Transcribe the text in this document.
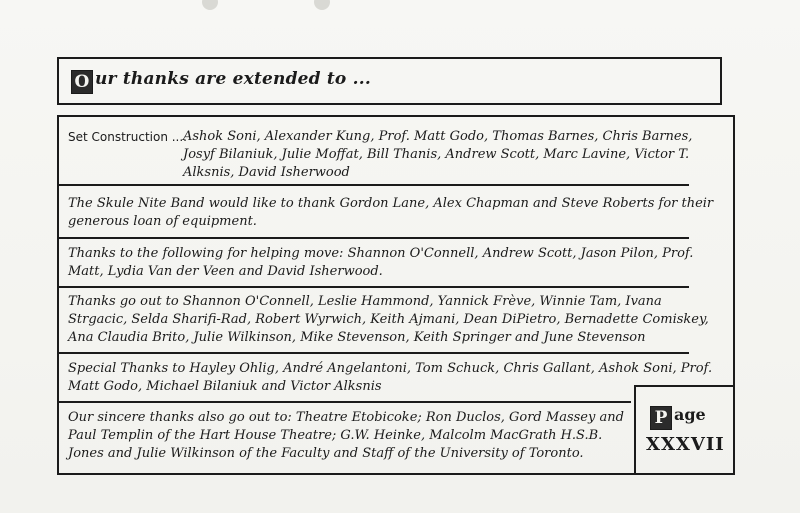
O ur thanks are extended to ...
Set Construction ....
Ashok Soni, Alexander Kung, Prof. Matt Godo, Thomas Barnes, Chris Barnes, Josyf Bilaniuk, Julie Moffat, Bill Thanis, Andrew Scott, Marc Lavine, Victor T. Alksnis, David Isherwood
The Skule Nite Band would like to thank Gordon Lane, Alex Chapman and Steve Roberts for their generous loan of equipment.
Thanks to the following for helping move: Shannon O'Connell, Andrew Scott, Jason Pilon, Prof. Matt, Lydia Van der Veen and David Isherwood.
Thanks go out to Shannon O'Connell, Leslie Hammond, Yannick Frève, Winnie Tam, Ivana Strgacic, Selda Sharifi-Rad, Robert Wyrwich, Keith Ajmani, Dean DiPietro, Bernadette Comiskey, Ana Claudia Brito, Julie Wilkinson, Mike Stevenson, Keith Springer and June Stevenson
Special Thanks to Hayley Ohlig, André Angelantoni, Tom Schuck, Chris Gallant, Ashok Soni, Prof. Matt Godo, Michael Bilaniuk and Victor Alksnis
Our sincere thanks also go out to: Theatre Etobicoke; Ron Duclos, Gord Massey and Paul Templin of the Hart House Theatre; G.W. Heinke, Malcolm MacGrath H.S.B. Jones and Julie Wilkinson of the Faculty and Staff of the University of Toronto.
P age
XXXVII
